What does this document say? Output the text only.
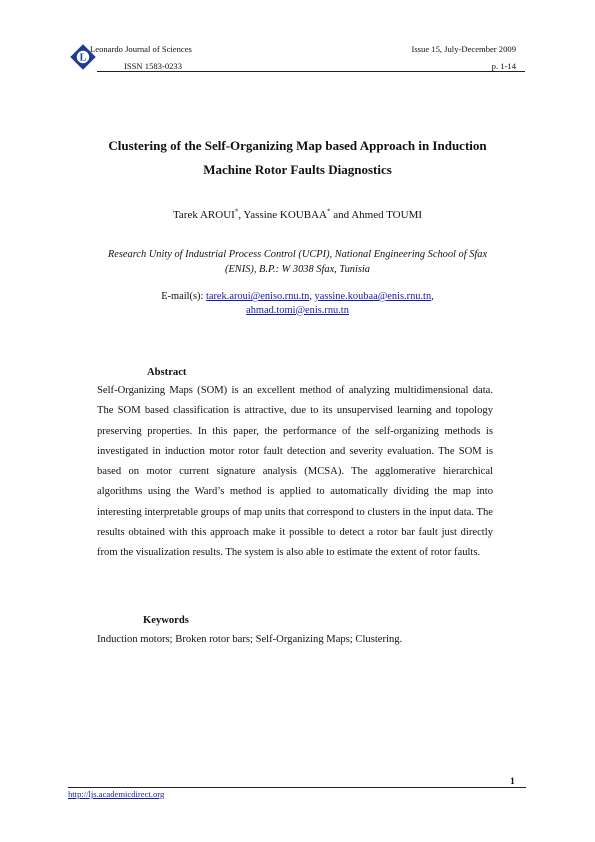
L
Leonardo Journal of Sciences
ISSN 1583-0233
Issue 15, July-December 2009
p. 1-14
Clustering of the Self-Organizing Map based Approach in Induction
Machine Rotor Faults Diagnostics
Tarek AROUI*, Yassine KOUBAA* and Ahmed TOUMI
Research Unity of Industrial Process Control (UCPI), National Engineering School of Sfax
(ENIS), B.P.: W 3038 Sfax, Tunisia
E-mail(s): tarek.aroui@eniso.rnu.tn, yassine.koubaa@enis.rnu.tn,
ahmad.tomi@enis.rnu.tn
Abstract
Self-Organizing Maps (SOM) is an excellent method of analyzing multidimensional data. The SOM based classification is attractive, due to its unsupervised learning and topology preserving properties. In this paper, the performance of the self-organizing methods is investigated in induction motor rotor fault detection and severity evaluation. The SOM is based on motor current signature analysis (MCSA). The agglomerative hierarchical algorithms using the Ward’s method is applied to automatically dividing the map into interesting interpretable groups of map units that correspond to clusters in the input data. The results obtained with this approach make it possible to detect a rotor bar fault just directly from the visualization results. The system is also able to estimate the extent of rotor faults.
Keywords
Induction motors; Broken rotor bars; Self-Organizing Maps; Clustering.
1
http://ljs.academicdirect.org
